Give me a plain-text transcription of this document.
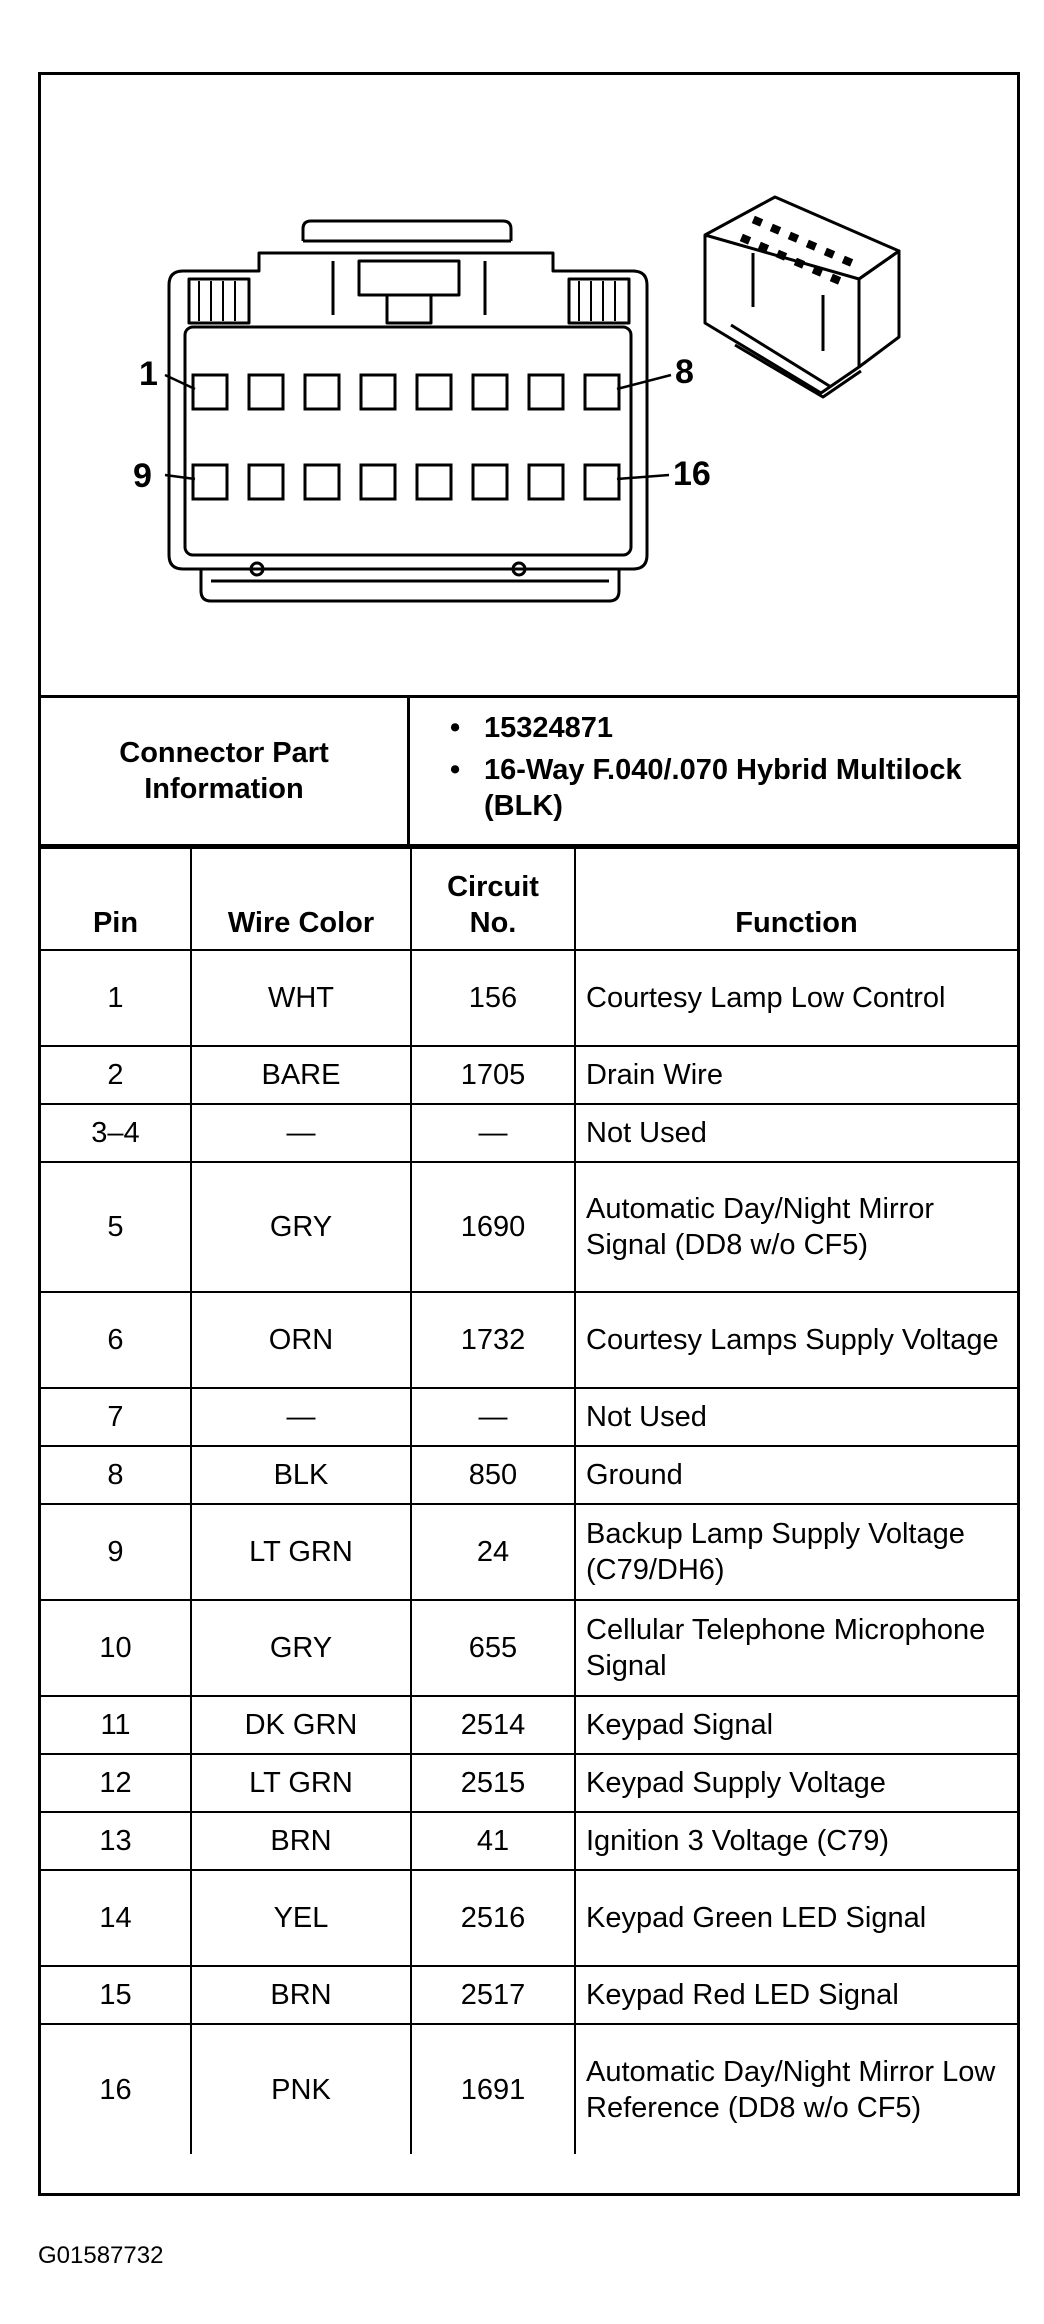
1	8
9	16
Connector Part Information
• 15324871
• 16-Way F.040/.070 Hybrid Multilock (BLK)
Pin	Wire Color	Circuit No.	Function
1	WHT	156	Courtesy Lamp Low Control
2	BARE	1705	Drain Wire
3–4	—	—	Not Used
5	GRY	1690	Automatic Day/Night Mirror Signal (DD8 w/o CF5)
6	ORN	1732	Courtesy Lamps Supply Voltage
7	—	—	Not Used
8	BLK	850	Ground
9	LT GRN	24	Backup Lamp Supply Voltage (C79/DH6)
10	GRY	655	Cellular Telephone Microphone Signal
11	DK GRN	2514	Keypad Signal
12	LT GRN	2515	Keypad Supply Voltage
13	BRN	41	Ignition 3 Voltage (C79)
14	YEL	2516	Keypad Green LED Signal
15	BRN	2517	Keypad Red LED Signal
16	PNK	1691	Automatic Day/Night Mirror Low Reference (DD8 w/o CF5)
G01587732
